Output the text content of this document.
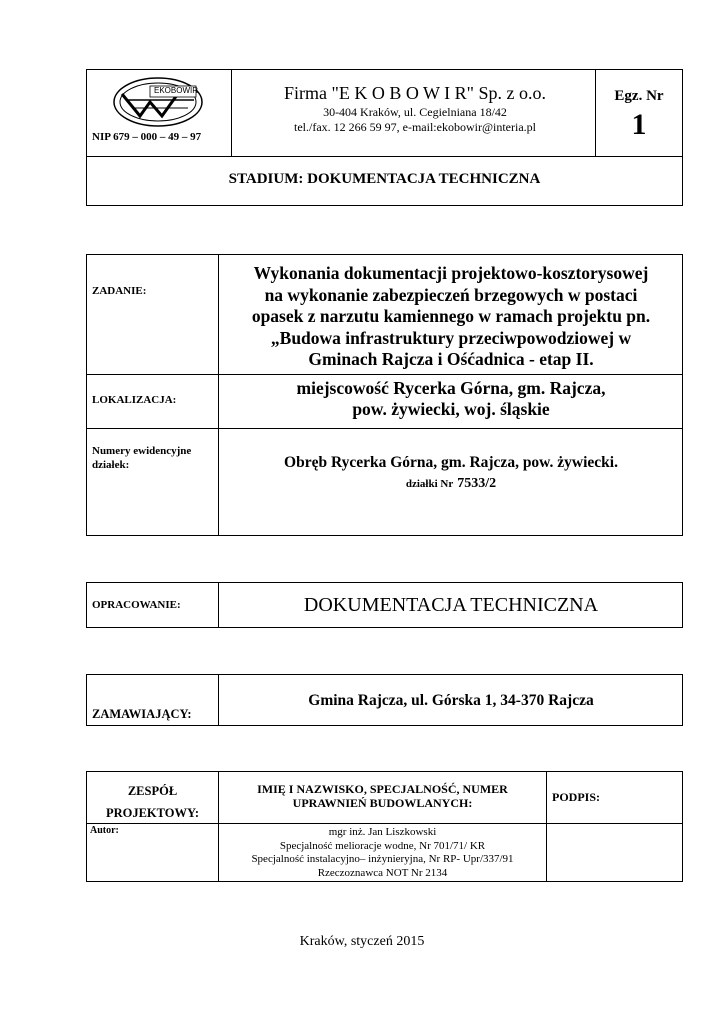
EKOBOWIR
NIP 679 – 000 – 49 – 97
Firma "E K O B O W I R" Sp. z o.o.
30-404 Kraków, ul. Cegielniana 18/42
tel./fax. 12 266 59 97, e-mail:ekobowir@interia.pl
Egz. Nr
1
STADIUM: DOKUMENTACJA TECHNICZNA
ZADANIE:
Wykonania dokumentacji projektowo-kosztorysowej
na wykonanie zabezpieczeń brzegowych w postaci
opasek z narzutu kamiennego w ramach projektu pn.
„Budowa infrastruktury przeciwpowodziowej w
Gminach Rajcza i Ośćadnica - etap II.
LOKALIZACJA:
miejscowość Rycerka Górna, gm. Rajcza,
pow. żywiecki, woj. śląskie
Numery ewidencyjne
działek:	Obręb Rycerka Górna, gm. Rajcza, pow. żywiecki.
działki Nr 7533/2
OPRACOWANIE:	DOKUMENTACJA TECHNICZNA
ZAMAWIAJĄCY:
Gmina Rajcza, ul. Górska 1, 34-370 Rajcza
ZESPÓŁ
PROJEKTOWY:
IMIĘ I NAZWISKO, SPECJALNOŚĆ, NUMER
UPRAWNIEŃ BUDOWLANYCH:	PODPIS:
Autor:	mgr inż. Jan Liszkowski
Specjalność melioracje wodne, Nr 701/71/ KR
Specjalność instalacyjno– inżynieryjna, Nr RP- Upr/337/91
Rzeczoznawca NOT Nr 2134
Kraków, styczeń 2015
